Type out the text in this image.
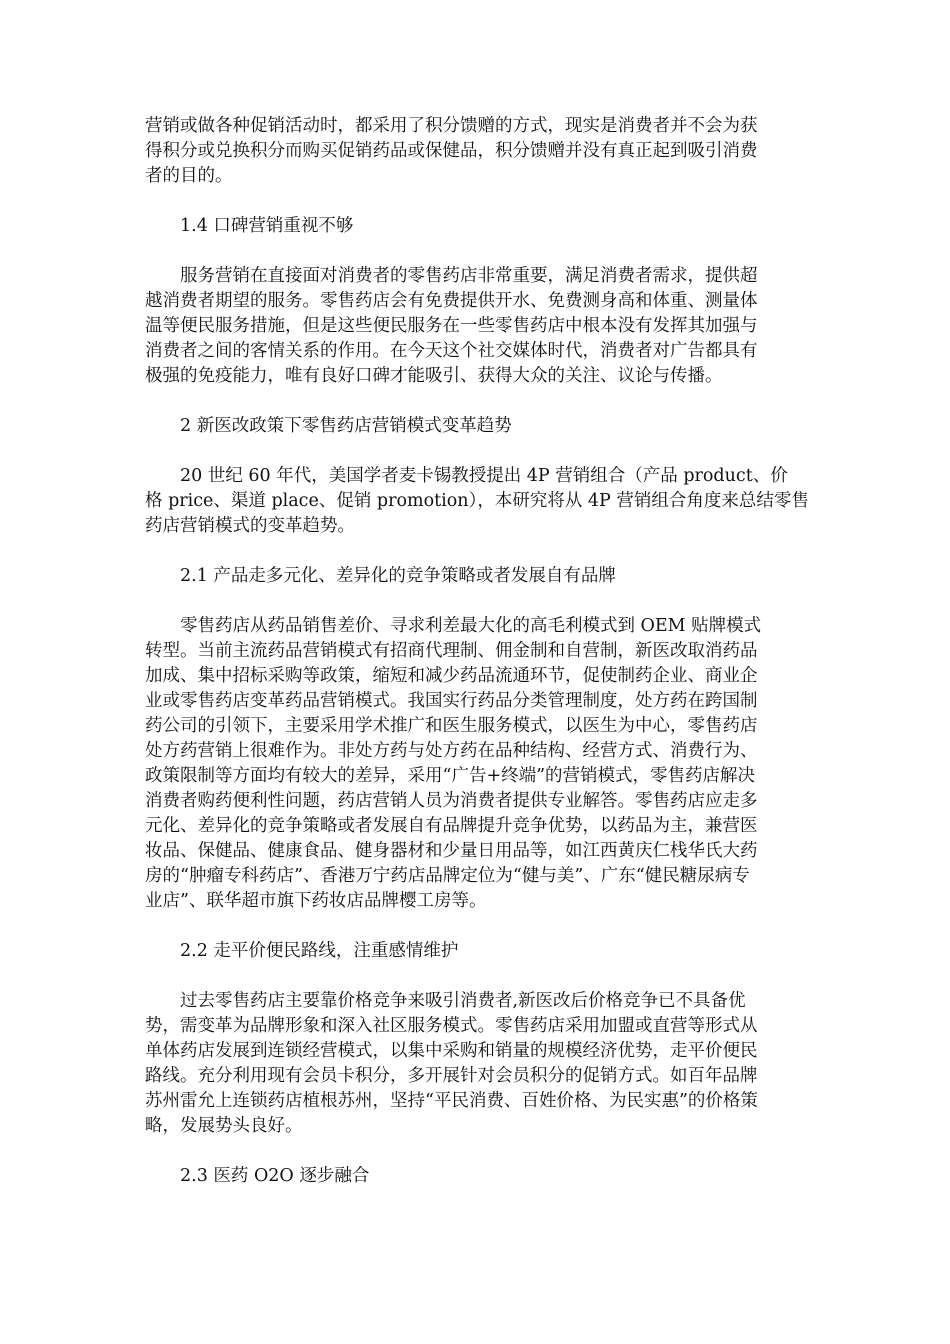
营销或做各种促销活动时，都采用了积分馈赠的方式，现实是消费者并不会为获
得积分或兑换积分而购买促销药品或保健品，积分馈赠并没有真正起到吸引消费
者的目的。
1.4 口碑营销重视不够
服务营销在直接面对消费者的零售药店非常重要，满足消费者需求，提供超
越消费者期望的服务。零售药店会有免费提供开水、免费测身高和体重、测量体
温等便民服务措施，但是这些便民服务在一些零售药店中根本没有发挥其加强与
消费者之间的客情关系的作用。在今天这个社交媒体时代，消费者对广告都具有
极强的免疫能力，唯有良好口碑才能吸引、获得大众的关注、议论与传播。
2 新医改政策下零售药店营销模式变革趋势
20 世纪 60 年代，美国学者麦卡锡教授提出 4P 营销组合（产品 product、价
格 price、渠道 place、促销 promotion），本研究将从 4P 营销组合角度来总结零售
药店营销模式的变革趋势。
2.1 产品走多元化、差异化的竞争策略或者发展自有品牌
零售药店从药品销售差价、寻求利差最大化的高毛利模式到 OEM 贴牌模式
转型。当前主流药品营销模式有招商代理制、佣金制和自营制，新医改取消药品
加成、集中招标采购等政策，缩短和减少药品流通环节，促使制药企业、商业企
业或零售药店变革药品营销模式。我国实行药品分类管理制度，处方药在跨国制
药公司的引领下，主要采用学术推广和医生服务模式，以医生为中心，零售药店
处方药营销上很难作为。非处方药与处方药在品种结构、经营方式、消费行为、
政策限制等方面均有较大的差异，采用“广告+终端”的营销模式，零售药店解决
消费者购药便利性问题，药店营销人员为消费者提供专业解答。零售药店应走多
元化、差异化的竞争策略或者发展自有品牌提升竞争优势，以药品为主，兼营医
妆品、保健品、健康食品、健身器材和少量日用品等，如江西黄庆仁栈华氏大药
房的“肿瘤专科药店”、香港万宁药店品牌定位为“健与美”、广东“健民糖尿病专
业店”、联华超市旗下药妆店品牌樱工房等。
2.2 走平价便民路线，注重感情维护
过去零售药店主要靠价格竞争来吸引消费者,新医改后价格竞争已不具备优
势，需变革为品牌形象和深入社区服务模式。零售药店采用加盟或直营等形式从
单体药店发展到连锁经营模式，以集中采购和销量的规模经济优势，走平价便民
路线。充分利用现有会员卡积分，多开展针对会员积分的促销方式。如百年品牌
苏州雷允上连锁药店植根苏州，坚持“平民消费、百姓价格、为民实惠”的价格策
略，发展势头良好。
2.3 医药 O2O 逐步融合
